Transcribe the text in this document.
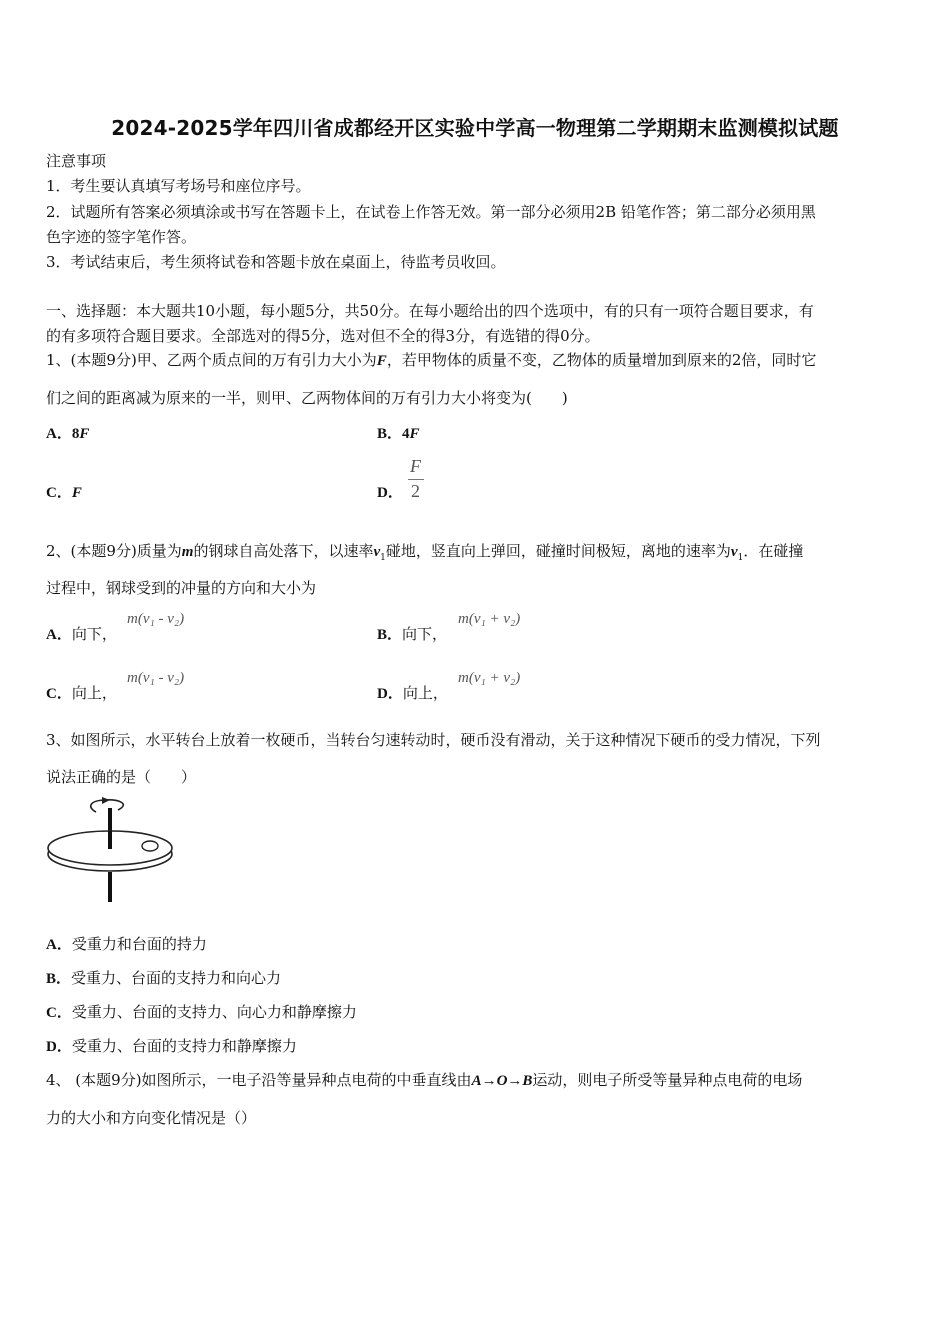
2024-2025学年四川省成都经开区实验中学高一物理第二学期期末监测模拟试题
注意事项
1．考生要认真填写考场号和座位序号。
2．试题所有答案必须填涂或书写在答题卡上，在试卷上作答无效。第一部分必须用2B 铅笔作答；第二部分必须用黑
色字迹的签字笔作答。
3．考试结束后，考生须将试卷和答题卡放在桌面上，待监考员收回。
一、选择题：本大题共10小题，每小题5分，共50分。在每小题给出的四个选项中，有的只有一项符合题目要求，有
的有多项符合题目要求。全部选对的得5分，选对但不全的得3分，有选错的得0分。
1、(本题9分)甲、乙两个质点间的万有引力大小为F，若甲物体的质量不变，乙物体的质量增加到原来的2倍，同时它
们之间的距离减为原来的一半，则甲、乙两物体间的万有引力大小将变为(　　)
A．8F	B．4F
C．F	D．
F
2
2、(本题9分)质量为m的钢球自高处落下，以速率$v_1$碰地，竖直向上弹回，碰撞时间极短，离地的速率为$v_1$．在碰撞
过程中，钢球受到的冲量的方向和大小为
A．向下，
m(v₁ - v₂)
B．向下，
m(v₁ + v₂)
C．向上，
m(v₁ - v₂)
D．向上，
m(v₁ + v₂)
3、如图所示，水平转台上放着一枚硬币，当转台匀速转动时，硬币没有滑动，关于这种情况下硬币的受力情况，下列
说法正确的是（　　）
A．受重力和台面的持力
B．受重力、台面的支持力和向心力
C．受重力、台面的支持力、向心力和静摩擦力
D．受重力、台面的支持力和静摩擦力
4、 (本题9分)如图所示，一电子沿等量异种点电荷的中垂直线由A→O→B运动，则电子所受等量异种点电荷的电场
力的大小和方向变化情况是（）
